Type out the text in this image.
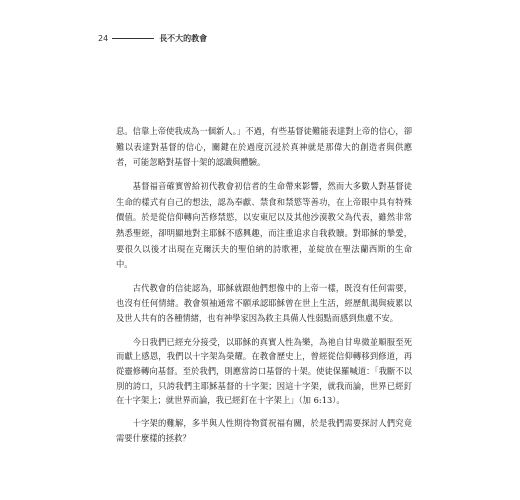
24	長不大的教會

息。信靠上帝使我成為一個新人。」不過，有些基督徒難能表達對上帝的信心，卻難以表達對基督的信心，關鍵在於過度沉浸於真神就是那偉大的創造者與供應者，可能忽略對基督十架的認識與體驗。

基督福音確實曾給初代教會初信者的生命帶來影響，然而大多數人對基督徒生命的樣式有自己的想法，認為奉獻、禁食和禁慾等善功，在上帝眼中具有特殊價值。於是從信仰轉向苦修禁慾，以安東尼以及其他沙漠教父為代表，雖然非常熱悉聖經，卻明顯地對主耶穌不感興趣，而注重追求自我救贖。對耶穌的摯愛，要很久以後才出現在克爾沃夫的聖伯納的詩歌裡，並綻放在聖法蘭西斯的生命中。

古代教會的信徒認為，耶穌就跟他們想像中的上帝一樣，既沒有任何需要，也沒有任何情緒。教會領袖通常不願承認耶穌曾在世上生活，經歷飢渴與疲累以及世人共有的各種情緒，也有神學家因為救主具備人性弱點而感到焦慮不安。

今日我們已經充分接受，以耶穌的真實人性為樂，為祂自甘卑微並順服至死而獻上感恩，我們以十字架為榮耀。在教會歷史上，曾經從信仰轉移到修道，再從靈修轉向基督。至於我們，則應當誇口基督的十架。使徒保羅喊道：「我斷不以別的誇口，只誇我們主耶穌基督的十字架；因這十字架，就我而論，世界已經釘在十字架上；就世界而論，我已經釘在十字架上」（加 6:13）。

十字架的難解，多半與人性期待物質祝福有關，於是我們需要探討人們究竟需要什麼樣的拯救？
